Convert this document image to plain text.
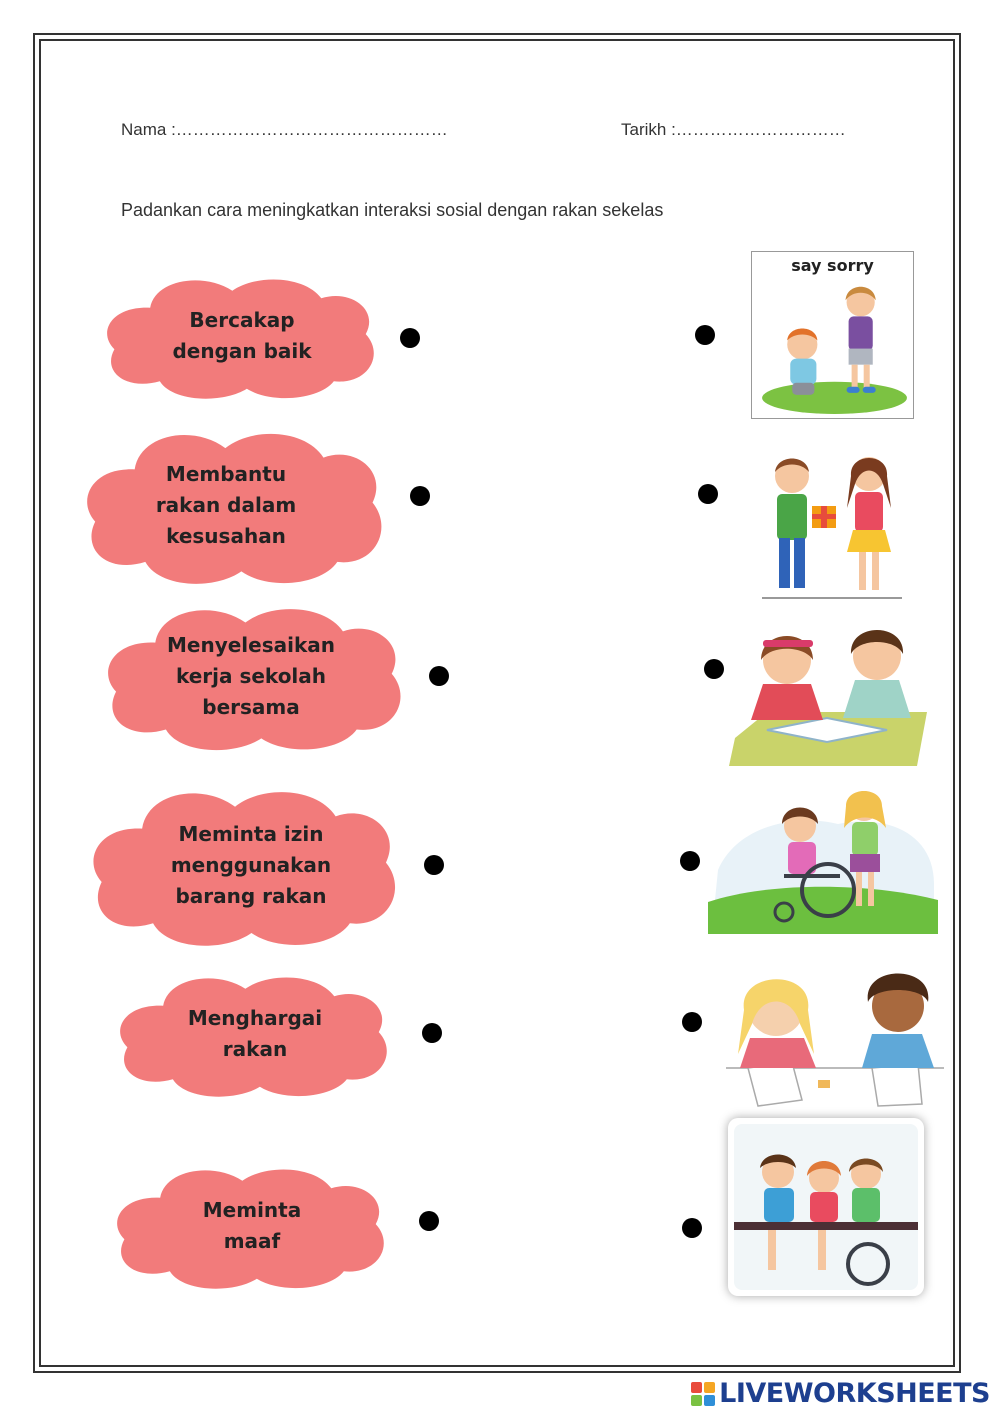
Nama :…………………………………………	Tarikh :…………………………
Padankan cara meningkatkan interaksi sosial dengan rakan sekelas
Bercakap
dengan baik
Membantu
rakan dalam
kesusahan
Menyelesaikan
kerja sekolah
bersama
Meminta izin
menggunakan
barang rakan
Menghargai
rakan
Meminta
maaf
say sorry
LIVEWORKSHEETS
